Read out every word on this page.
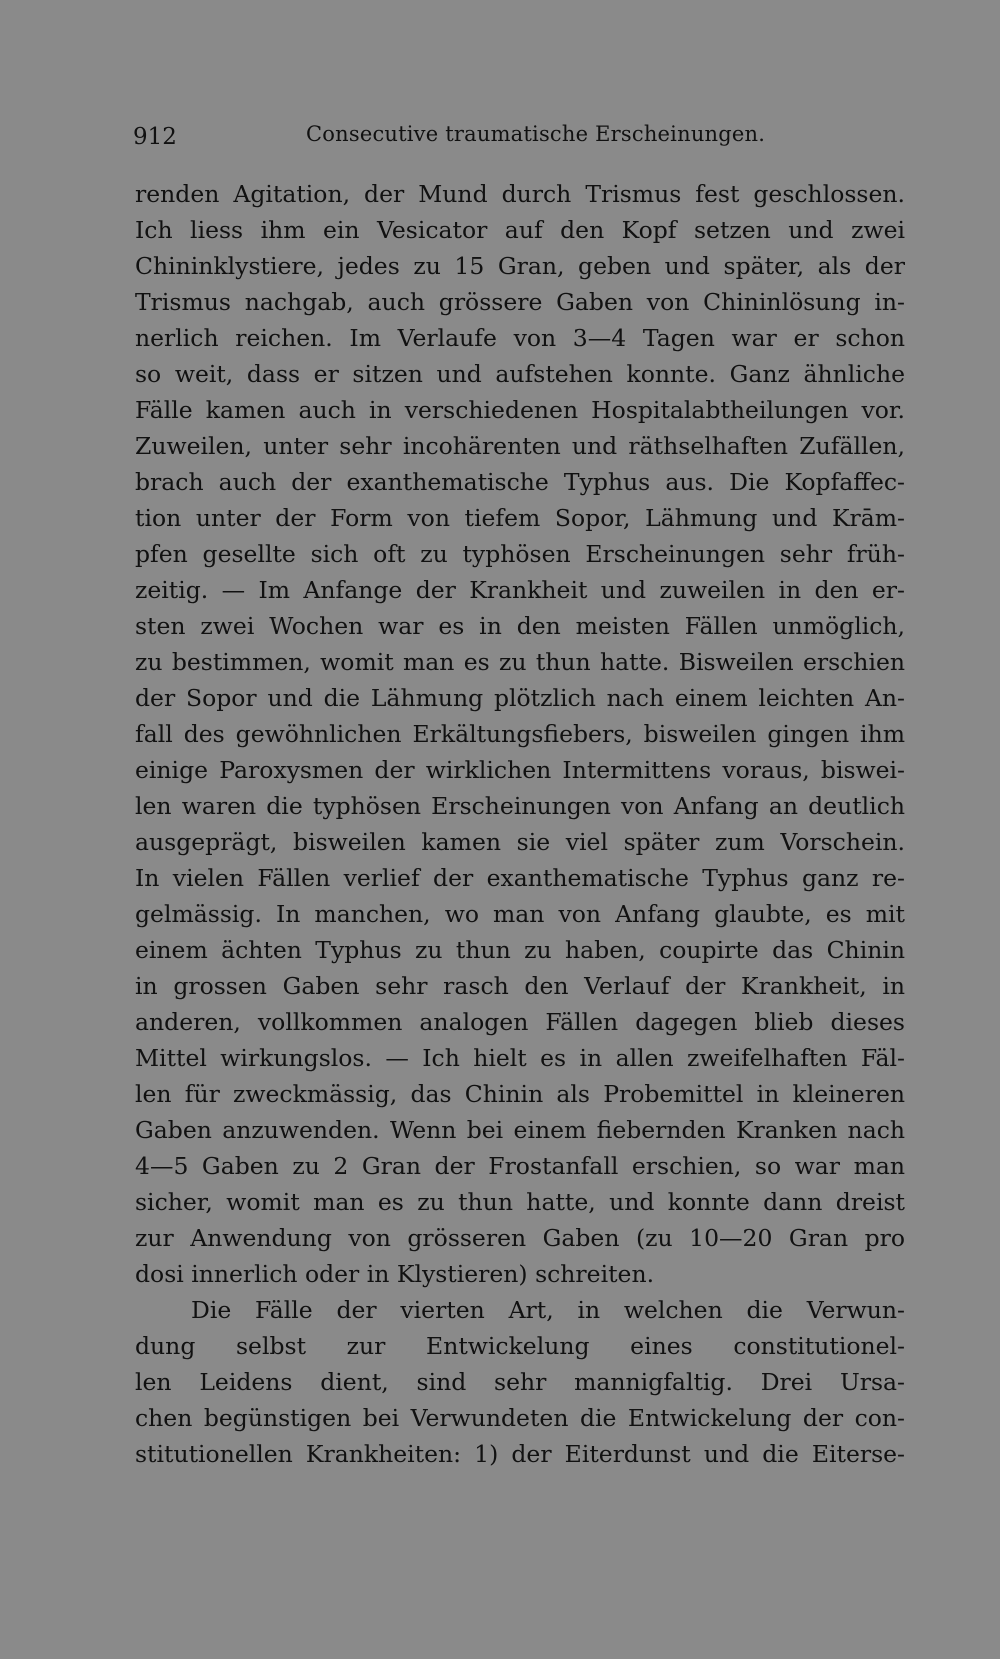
912	Consecutive traumatische Erscheinungen.
renden Agitation, der Mund durch Trismus fest geschlossen.
Ich liess ihm ein Vesicator auf den Kopf setzen und zwei
Chininklystiere, jedes zu 15 Gran, geben und später, als der
Trismus nachgab, auch grössere Gaben von Chininlösung in-
nerlich reichen. Im Verlaufe von 3—4 Tagen war er schon
so weit, dass er sitzen und aufstehen konnte. Ganz ähnliche
Fälle kamen auch in verschiedenen Hospitalabtheilungen vor.
Zuweilen, unter sehr incohärenten und räthselhaften Zufällen,
brach auch der exanthematische Typhus aus. Die Kopfaffec-
tion unter der Form von tiefem Sopor, Lähmung und Krām-
pfen gesellte sich oft zu typhösen Erscheinungen sehr früh-
zeitig. — Im Anfange der Krankheit und zuweilen in den er-
sten zwei Wochen war es in den meisten Fällen unmöglich,
zu bestimmen, womit man es zu thun hatte. Bisweilen erschien
der Sopor und die Lähmung plötzlich nach einem leichten An-
fall des gewöhnlichen Erkältungsfiebers, bisweilen gingen ihm
einige Paroxysmen der wirklichen Intermittens voraus, biswei-
len waren die typhösen Erscheinungen von Anfang an deutlich
ausgeprägt, bisweilen kamen sie viel später zum Vorschein.
In vielen Fällen verlief der exanthematische Typhus ganz re-
gelmässig. In manchen, wo man von Anfang glaubte, es mit
einem ächten Typhus zu thun zu haben, coupirte das Chinin
in grossen Gaben sehr rasch den Verlauf der Krankheit, in
anderen, vollkommen analogen Fällen dagegen blieb dieses
Mittel wirkungslos. — Ich hielt es in allen zweifelhaften Fäl-
len für zweckmässig, das Chinin als Probemittel in kleineren
Gaben anzuwenden. Wenn bei einem fiebernden Kranken nach
4—5 Gaben zu 2 Gran der Frostanfall erschien, so war man
sicher, womit man es zu thun hatte, und konnte dann dreist
zur Anwendung von grösseren Gaben (zu 10—20 Gran pro
dosi innerlich oder in Klystieren) schreiten.
Die Fälle der vierten Art, in welchen die Verwun-
dung selbst zur Entwickelung eines constitutionel-
len Leidens dient, sind sehr mannigfaltig. Drei Ursa-
chen begünstigen bei Verwundeten die Entwickelung der con-
stitutionellen Krankheiten: 1) der Eiterdunst und die Eiterse-
